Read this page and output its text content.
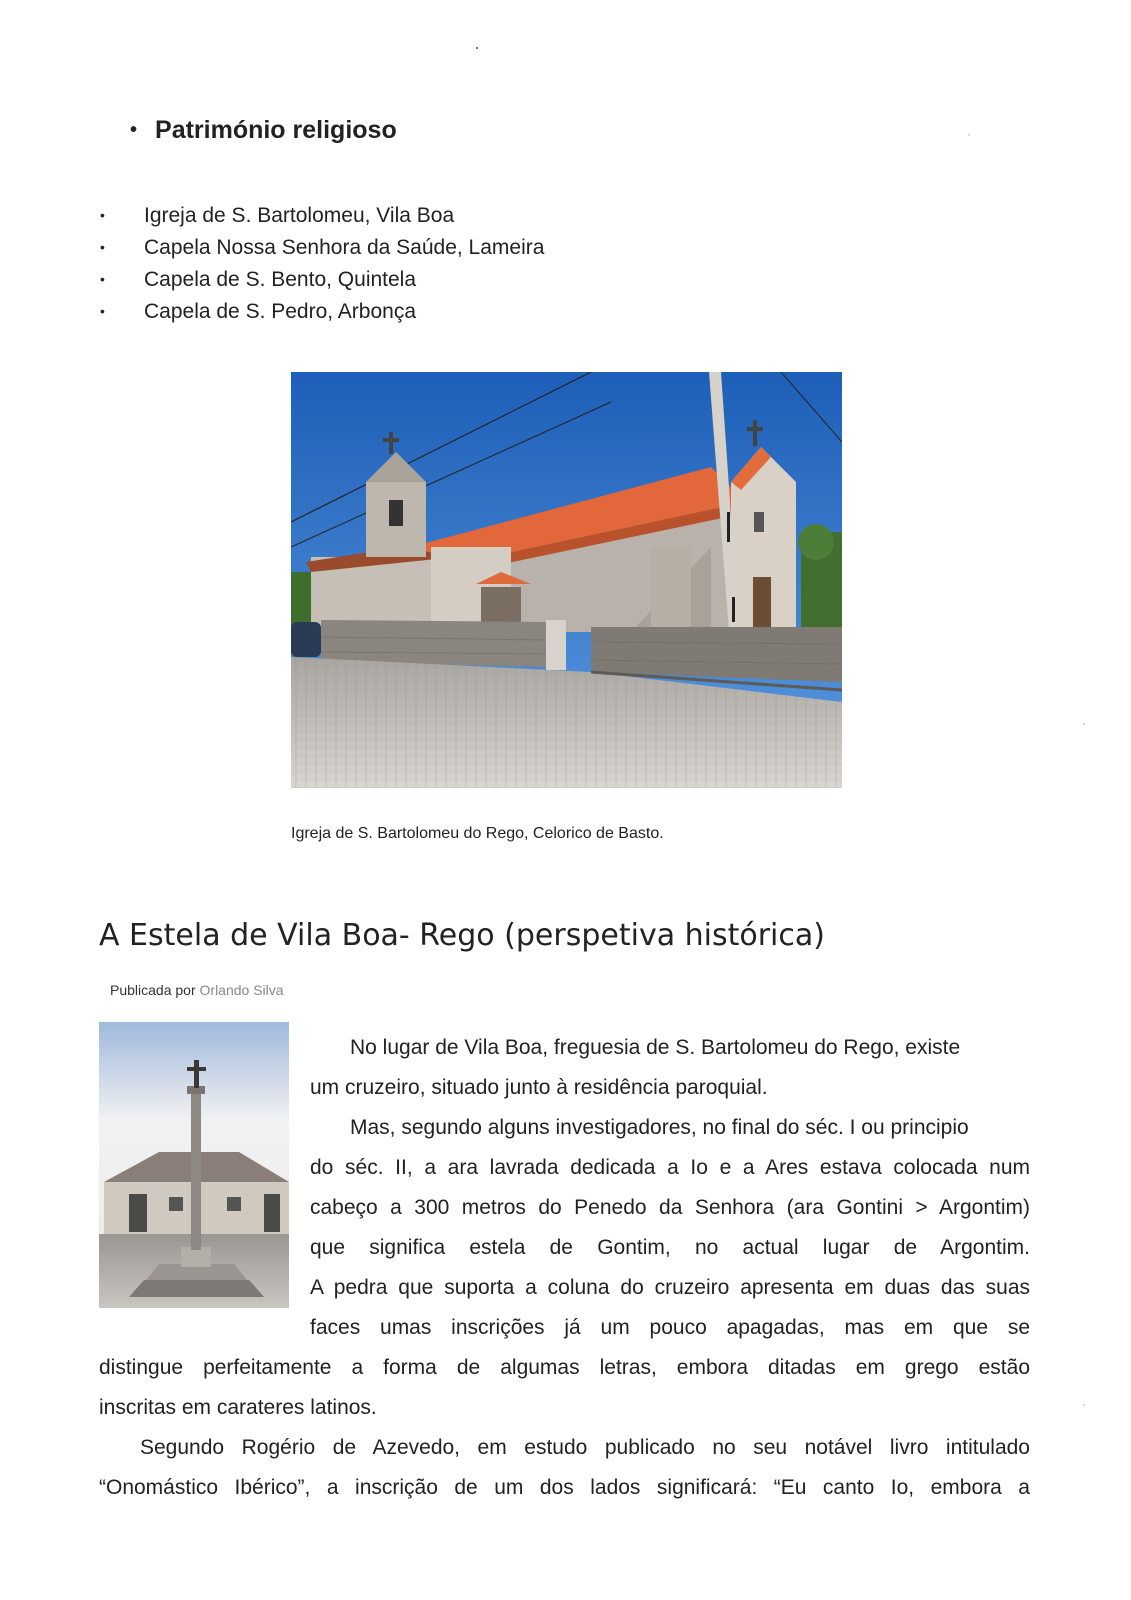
• Património religioso
• Igreja de S. Bartolomeu, Vila Boa
• Capela Nossa Senhora da Saúde, Lameira
• Capela de S. Bento, Quintela
• Capela de S. Pedro, Arbonça
Igreja de S. Bartolomeu do Rego, Celorico de Basto.
A Estela de Vila Boa- Rego (perspetiva histórica)
Publicada por Orlando Silva
No lugar de Vila Boa, freguesia de S. Bartolomeu do Rego, existe
um cruzeiro, situado junto à residência paroquial.
Mas, segundo alguns investigadores, no final do séc. I ou principio
do séc. II, a ara lavrada dedicada a Io e a Ares estava colocada num
cabeço a 300 metros do Penedo da Senhora (ara Gontini > Argontim)
que significa estela de Gontim, no actual lugar de Argontim.
A pedra que suporta a coluna do cruzeiro apresenta em duas das suas
faces umas inscrições já um pouco apagadas, mas em que se
distingue perfeitamente a forma de algumas letras, embora ditadas em grego estão
inscritas em carateres latinos.
Segundo Rogério de Azevedo, em estudo publicado no seu notável livro intitulado
“Onomástico Ibérico”, a inscrição de um dos lados significará: “Eu canto Io, embora a
